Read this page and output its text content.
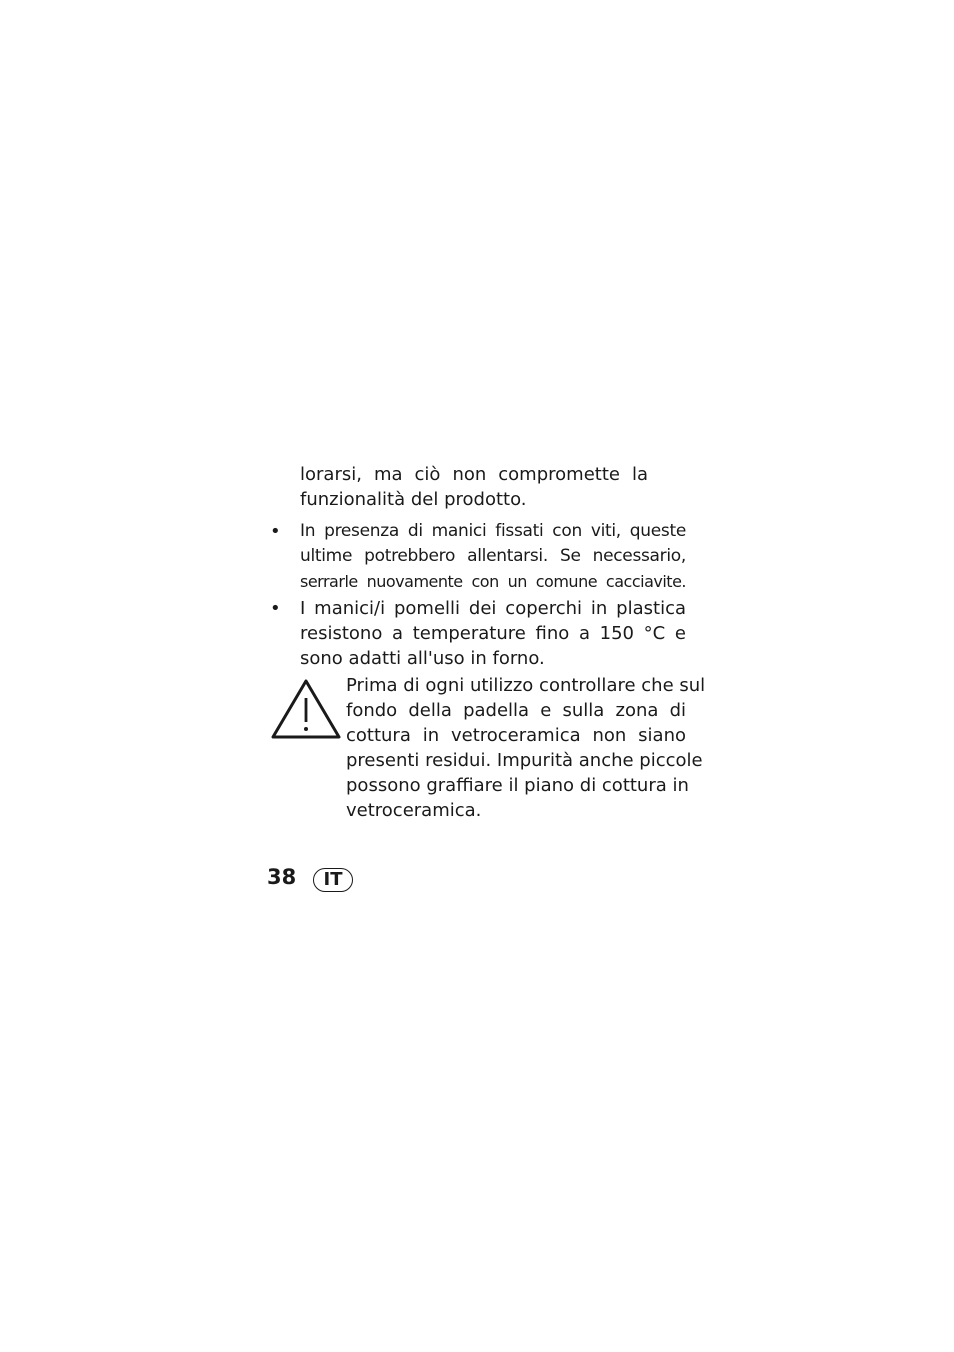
lorarsi, ma ciò non compromette la
funzionalità del prodotto.
• In presenza di manici fissati con viti, queste
ultime potrebbero allentarsi. Se necessario,
serrarle nuovamente con un comune cacciavite.
• I manici/i pomelli dei coperchi in plastica
resistono a temperature fino a 150 °C e
sono adatti all'uso in forno.
Prima di ogni utilizzo controllare che sul
fondo della padella e sulla zona di
cottura in vetroceramica non siano
presenti residui. Impurità anche piccole
possono graffiare il piano di cottura in
vetroceramica.
38	IT
